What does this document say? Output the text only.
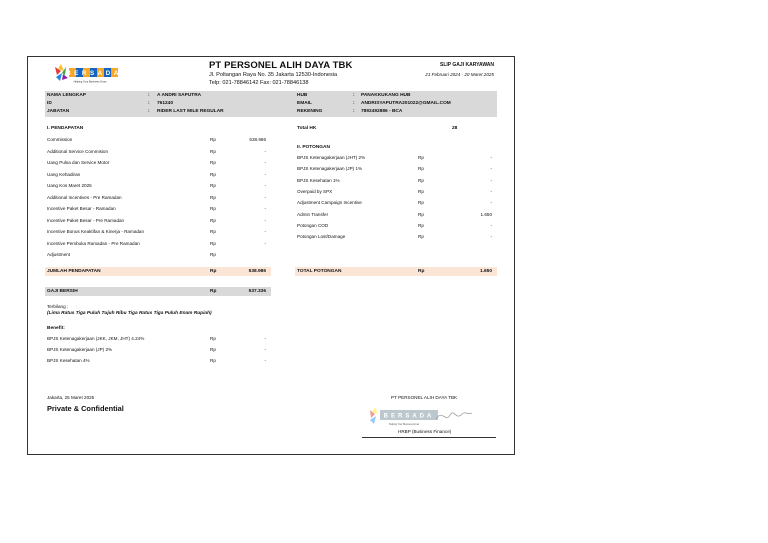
BERSADA
Helping Your Business Grow
PT PERSONEL ALIH DAYA TBK
Jl. Poltangan Raya No. 35 Jakarta 12530-Indonesia
Telp: 021-78846142 Fax: 021-78846138
SLIP GAJI KARYAWAN
21 Februari 2024 - 20 Maret 2025
NAMA LENGKAP	: A ANDRI SAPUTRA
ID	: 761240
JABATAN	: RIDER LAST MILE REGULAR
HUB	: PANAKKUKANG HUB
EMAIL	: ANDRISYAPUTRA201022@GMAIL.COM
REKENING	: 7892492886 - BCA
I. PENDAPATAN
Commission	Rp	538.986
Additional Service Commision	Rp	-
Uang Pulsa dan Service Motor	Rp	-
Uang Kehadiran	Rp	-
Uang Kos Maret 2025	Rp	-
Additional Incentives - Pre Ramadan	Rp	-
Incentive Paket Besar - Ramadan	Rp	-
Incentive Paket Besar - Pre Ramadan	Rp	-
Incentive Bonus Keaktifan & Kinerja - Ramadan	Rp	-
Incentive Pembuka Ramadan - Pre Ramadan	Rp	-
Adjustment	Rp
Total HK	28
II. POTONGAN
BPJS Ketenagakerjaan (JHT) 2%	Rp	-
BPJS Ketenagakerjaan (JP) 1%	Rp	-
BPJS Kesehatan 1%	Rp	-
Overpaid by SPX	Rp	-
Adjustment Campaign Incentive	Rp	-
Admin Transfer	Rp	1.650
Potongan COD	Rp	-
Potongan Lost/Damage	Rp	-
JUMLAH PENDAPATAN	Rp	538.986	TOTAL POTONGAN	Rp	1.650
GAJI BERSIH	Rp	537.336
Terbilang :
(Lima Ratus Tiga Puluh Tujuh Ribu Tiga Ratus Tiga Puluh Enam Rupiah)
Benefit:
BPJS Ketenagakerjaan (JKK, JKM, JHT) 4.24%	Rp	-
BPJS Ketenagakerjaan (JP) 2%	Rp	-
BPJS Kesehatan 4%	Rp	-
Jakarta, 25 Maret 2025
Private & Confidential
PT PERSONEL ALIH DAYA TBK
BERSADA
Helping Your Business Grow
HRBP (Business Finance)
